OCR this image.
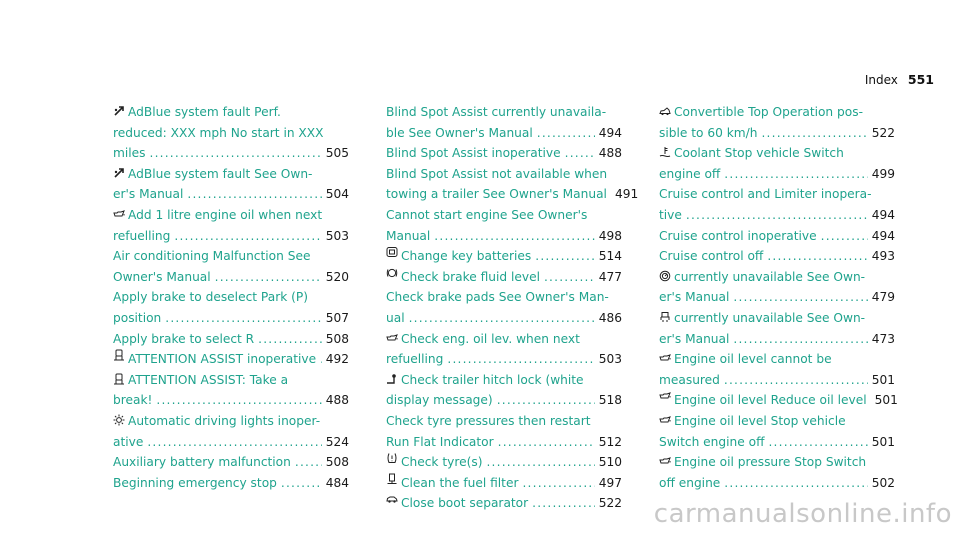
Index 551
AdBlue system fault Perf.
reduced: XXX mph No start in XXX
miles .....	505
AdBlue system fault See Own-
er's Manual .....	504
Add 1 litre engine oil when next
refuelling .....	503
Air conditioning Malfunction See
Owner's Manual .....	520
Apply brake to deselect Park (P)
position .....	507
Apply brake to select R .....	508
ATTENTION ASSIST inoperative ..... 492
ATTENTION ASSIST: Take a
break! .....	488
Automatic driving lights inoper-
ative .....	524
Auxiliary battery malfunction .....	508
Beginning emergency stop .....	484
Blind Spot Assist currently unavaila-
ble See Owner's Manual .....	494
Blind Spot Assist inoperative .....	488
Blind Spot Assist not available when
towing a trailer See Owner's Manual 491
Cannot start engine See Owner's
Manual .....	498
Change key batteries .....	514
Check brake fluid level .....	477
Check brake pads See Owner's Man-
ual .....	486
Check eng. oil lev. when next
refuelling .....	503
Check trailer hitch lock (white
display message) .....	518
Check tyre pressures then restart
Run Flat Indicator .....	512
Check tyre(s) .....	510
Clean the fuel filter .....	497
Close boot separator .....	522
Convertible Top Operation pos-
sible to 60 km/h .....	522
Coolant Stop vehicle Switch
engine off .....	499
Cruise control and Limiter inopera-
tive .....	494
Cruise control inoperative .....	494
Cruise control off .....	493
currently unavailable See Own-
er's Manual .....	479
currently unavailable See Own-
er's Manual .....	473
Engine oil level cannot be
measured .....	501
Engine oil level Reduce oil level 501
Engine oil level Stop vehicle
Switch engine off .....	501
Engine oil pressure Stop Switch
off engine .....	502
carmanualsonline.info
